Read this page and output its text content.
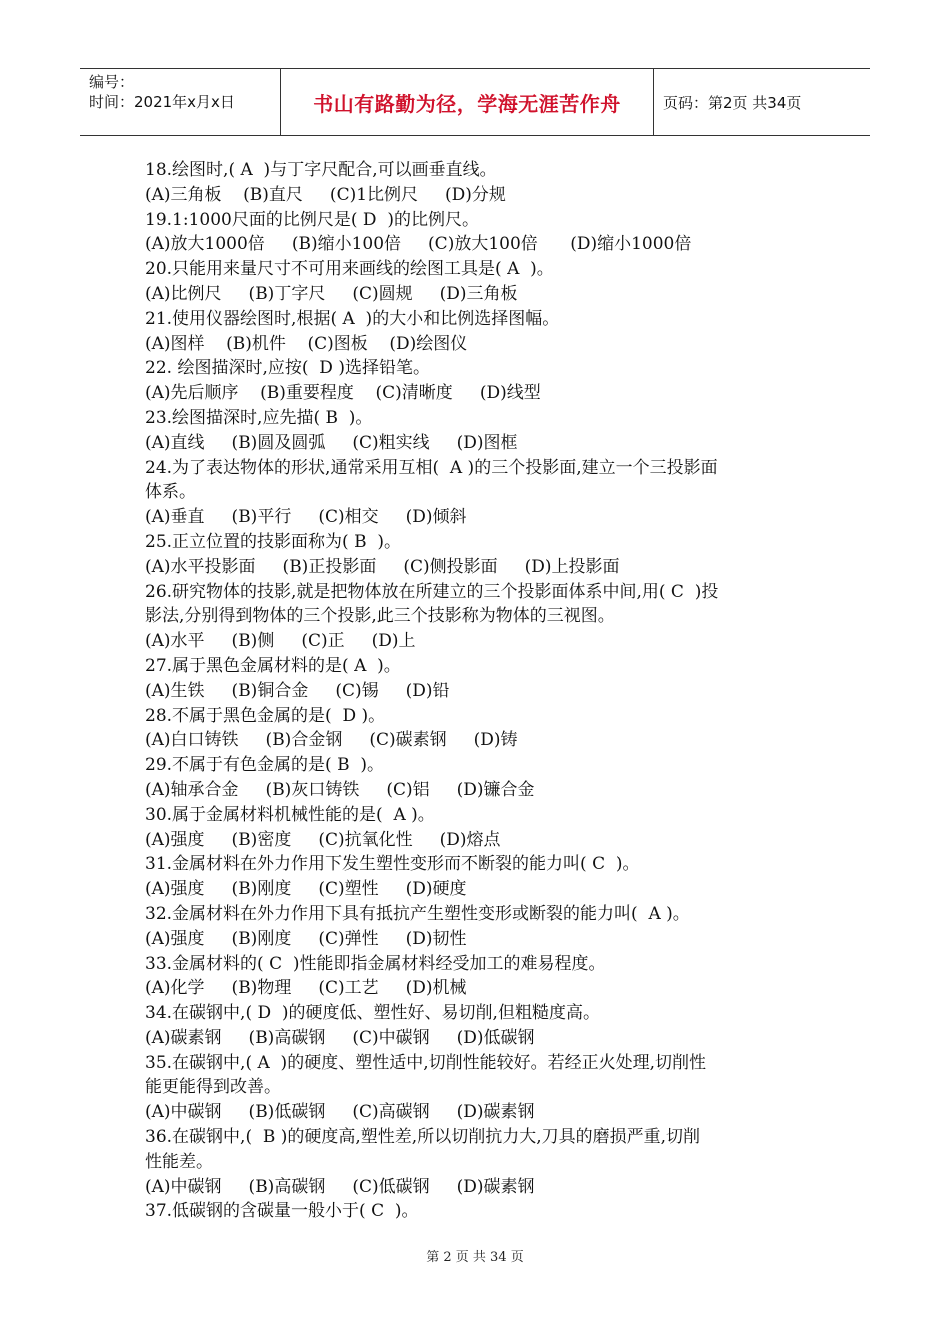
编号：
时间：2021年x月x日	书山有路勤为径，学海无涯苦作舟	页码：第2页 共34页
18.绘图时,( A  )与丁字尺配合,可以画垂直线。
(A)三角板    (B)直尺     (C)1比例尺     (D)分规
19.1:1000尺面的比例尺是( D  )的比例尺。
(A)放大1000倍     (B)缩小100倍     (C)放大100倍      (D)缩小1000倍
20.只能用来量尺寸不可用来画线的绘图工具是( A  )。
(A)比例尺     (B)丁字尺     (C)圆规     (D)三角板
21.使用仪器绘图时,根据( A  )的大小和比例选择图幅。
(A)图样    (B)机件    (C)图板    (D)绘图仪
22. 绘图描深时,应按(  D )选择铅笔。
(A)先后顺序    (B)重要程度    (C)清晰度     (D)线型
23.绘图描深时,应先描( B  )。
(A)直线     (B)圆及圆弧     (C)粗实线     (D)图框
24.为了表达物体的形状,通常采用互相(  A )的三个投影面,建立一个三投影面
体系。
(A)垂直     (B)平行     (C)相交     (D)倾斜
25.正立位置的技影面称为( B  )。
(A)水平投影面     (B)正投影面     (C)侧投影面     (D)上投影面
26.研究物体的技影,就是把物体放在所建立的三个投影面体系中间,用( C  )投
影法,分别得到物体的三个投影,此三个技影称为物体的三视图。
(A)水平     (B)侧     (C)正     (D)上
27.属于黑色金属材料的是( A  )。
(A)生铁     (B)铜合金     (C)锡     (D)铅
28.不属于黑色金属的是(  D )。
(A)白口铸铁     (B)合金钢     (C)碳素钢     (D)铸
29.不属于有色金属的是( B  )。
(A)轴承合金     (B)灰口铸铁     (C)铝     (D)镰合金
30.属于金属材料机械性能的是(  A )。
(A)强度     (B)密度     (C)抗氧化性     (D)熔点
31.金属材料在外力作用下发生塑性变形而不断裂的能力叫( C  )。
(A)强度     (B)刚度     (C)塑性     (D)硬度
32.金属材料在外力作用下具有抵抗产生塑性变形或断裂的能力叫(  A )。
(A)强度     (B)刚度     (C)弹性     (D)韧性
33.金属材料的( C  )性能即指金属材料经受加工的难易程度。
(A)化学     (B)物理     (C)工艺     (D)机械
34.在碳钢中,( D  )的硬度低、塑性好、易切削,但粗糙度高。
(A)碳素钢     (B)高碳钢     (C)中碳钢     (D)低碳钢
35.在碳钢中,( A  )的硬度、塑性适中,切削性能较好。若经正火处理,切削性
能更能得到改善。
(A)中碳钢     (B)低碳钢     (C)高碳钢     (D)碳素钢
36.在碳钢中,(  B )的硬度高,塑性差,所以切削抗力大,刀具的磨损严重,切削
性能差。
(A)中碳钢     (B)高碳钢     (C)低碳钢     (D)碳素钢
37.低碳钢的含碳量一般小于( C  )。
第 2 页 共 34 页
